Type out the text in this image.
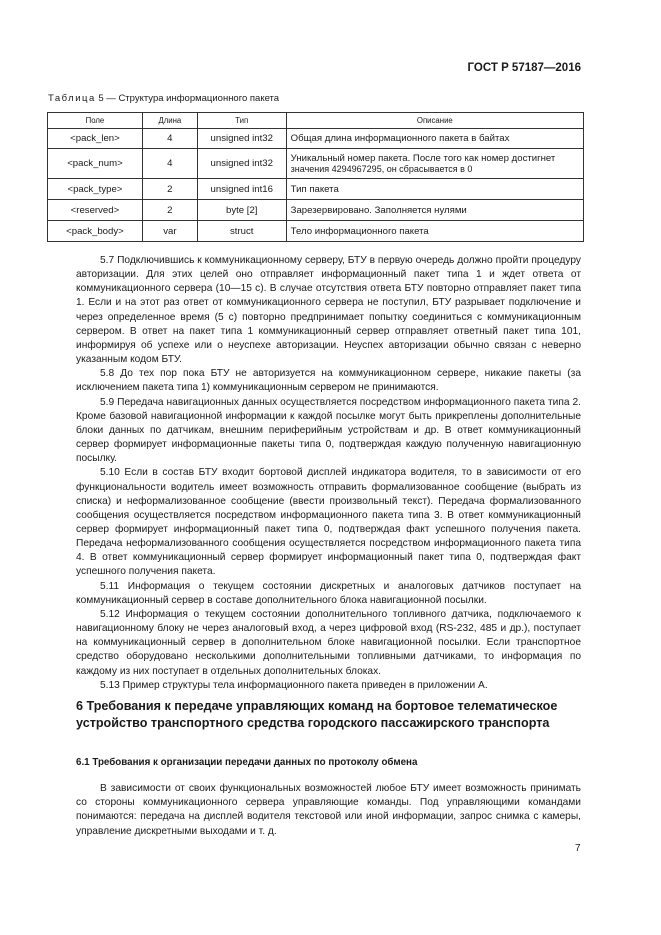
ГОСТ Р 57187—2016
Таблица 5 — Структура информационного пакета
Поле	Длина	Тип	Описание
<pack_len>	4	unsigned int32	Общая длина информационного пакета в байтах
<pack_num>	4	unsigned int32	Уникальный номер пакета. После того как номер достигнет
значения 4294967295, он сбрасывается в 0

<pack_type>	2	unsigned int16	Тип пакета
<reserved>	2	byte [2]	Зарезервировано. Заполняется нулями
<pack_body>	var	struct	Тело информационного пакета

5.7 Подключившись к коммуникационному серверу, БТУ в первую очередь должно пройти процедуру авторизации. Для этих целей оно отправляет информационный пакет типа 1 и ждет ответа от коммуникационного сервера (10—15 с). В случае отсутствия ответа БТУ повторно отправляет пакет типа 1. Если и на этот раз ответ от коммуникационного сервера не поступил, БТУ разрывает подключение и через определенное время (5 с) повторно предпринимает попытку соединиться с коммуникационным сервером. В ответ на пакет типа 1 коммуникационный сервер отправляет ответный пакет типа 101, информируя об успехе или о неуспехе авторизации. Неуспех авторизации обычно связан с неверно указанным кодом БТУ.

5.8 До тех пор пока БТУ не авторизуется на коммуникационном сервере, никакие пакеты (за исключением пакета типа 1) коммуникационным сервером не принимаются.

5.9 Передача навигационных данных осуществляется посредством информационного пакета типа 2. Кроме базовой навигационной информации к каждой посылке могут быть прикреплены дополнительные блоки данных по датчикам, внешним периферийным устройствам и др. В ответ коммуникационный сервер формирует информационные пакеты типа 0, подтверждая каждую полученную навигационную посылку.

5.10 Если в состав БТУ входит бортовой дисплей индикатора водителя, то в зависимости от его функциональности водитель имеет возможность отправить формализованное сообщение (выбрать из списка) и неформализованное сообщение (ввести произвольный текст). Передача формализованного сообщения осуществляется посредством информационного пакета типа 3. В ответ коммуникационный сервер формирует информационный пакет типа 0, подтверждая факт успешного получения пакета. Передача неформализованного сообщения осуществляется посредством информационного пакета типа 4. В ответ коммуникационный сервер формирует информационный пакет типа 0, подтверждая факт успешного получения пакета.

5.11 Информация о текущем состоянии дискретных и аналоговых датчиков поступает на коммуникационный сервер в составе дополнительного блока навигационной посылки.

5.12 Информация о текущем состоянии дополнительного топливного датчика, подключаемого к навигационному блоку не через аналоговый вход, а через цифровой вход (RS-232, 485 и др.), поступает на коммуникационный сервер в дополнительном блоке навигационной посылки. Если транспортное средство оборудовано несколькими дополнительными топливными датчиками, то информация по каждому из них поступает в отдельных дополнительных блоках.

5.13 Пример структуры тела информационного пакета приведен в приложении А.

6 Требования к передаче управляющих команд на бортовое телематическое устройство транспортного средства городского пассажирского транспорта
6.1 Требования к организации передачи данных по протоколу обмена

В зависимости от своих функциональных возможностей любое БТУ имеет возможность принимать со стороны коммуникационного сервера управляющие команды. Под управляющими командами понимаются: передача на дисплей водителя текстовой или иной информации, запрос снимка с камеры, управление дискретными выходами и т. д.

7
